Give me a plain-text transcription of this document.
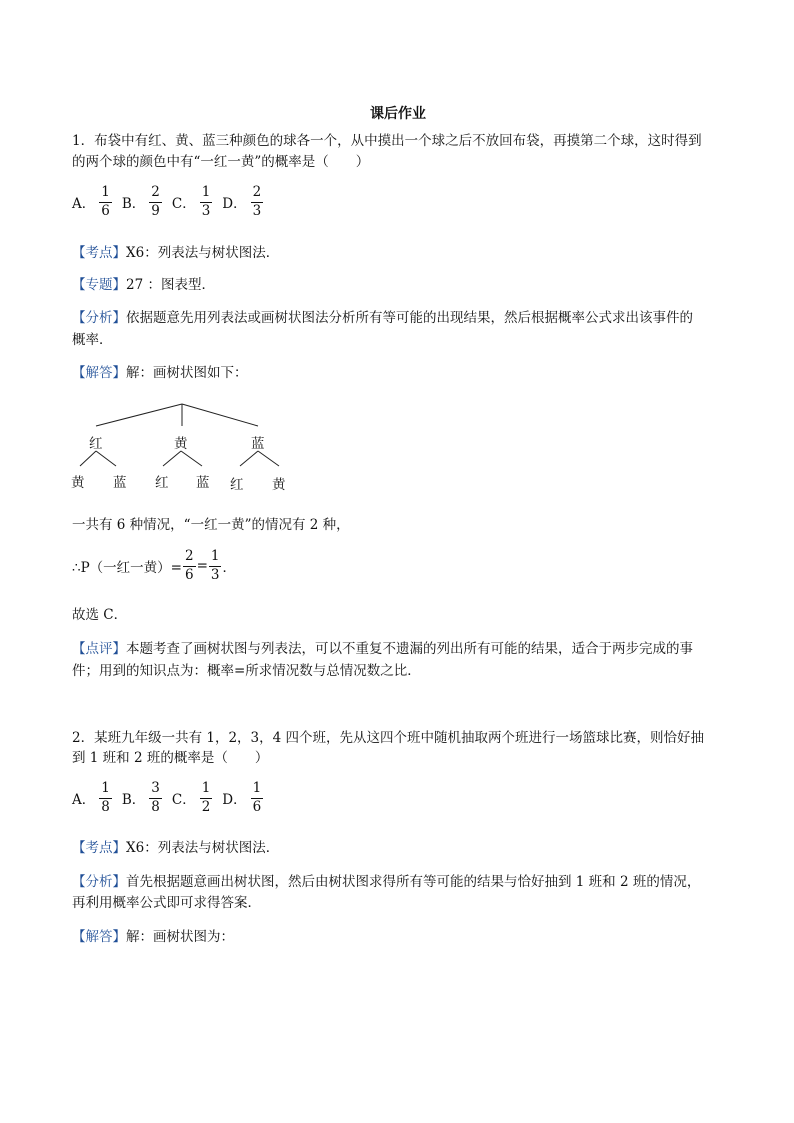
课后作业
1．布袋中有红、黄、蓝三种颜色的球各一个，从中摸出一个球之后不放回布袋，再摸第二个球，这时得到
的两个球的颜色中有“一红一黄”的概率是（　　）
A． $\frac{1}{6}$ B． $\frac{2}{9}$ C． $\frac{1}{3}$ D． $\frac{2}{3}$
【考点】X6：列表法与树状图法．
【专题】27 ：图表型．
【分析】依据题意先用列表法或画树状图法分析所有等可能的出现结果，然后根据概率公式求出该事件的
概率．
【解答】解：画树状图如下：
红	黄	蓝
黄 蓝 红 蓝 红 黄
一共有 6 种情况，“一红一黄”的情况有 2 种，
∴P（一红一黄）= $\frac{2}{6} = \frac{1}{3}$ ．
故选 C．
【点评】本题考查了画树状图与列表法，可以不重复不遗漏的列出所有可能的结果，适合于两步完成的事
件；用到的知识点为：概率=所求情况数与总情况数之比．
2．某班九年级一共有 1，2，3，4 四个班，先从这四个班中随机抽取两个班进行一场篮球比赛，则恰好抽
到 1 班和 2 班的概率是（　　）
A． $\frac{1}{8}$ B． $\frac{3}{8}$ C． $\frac{1}{2}$ D． $\frac{1}{6}$
【考点】X6：列表法与树状图法．
【分析】首先根据题意画出树状图，然后由树状图求得所有等可能的结果与恰好抽到 1 班和 2 班的情况，
再利用概率公式即可求得答案．
【解答】解：画树状图为：
